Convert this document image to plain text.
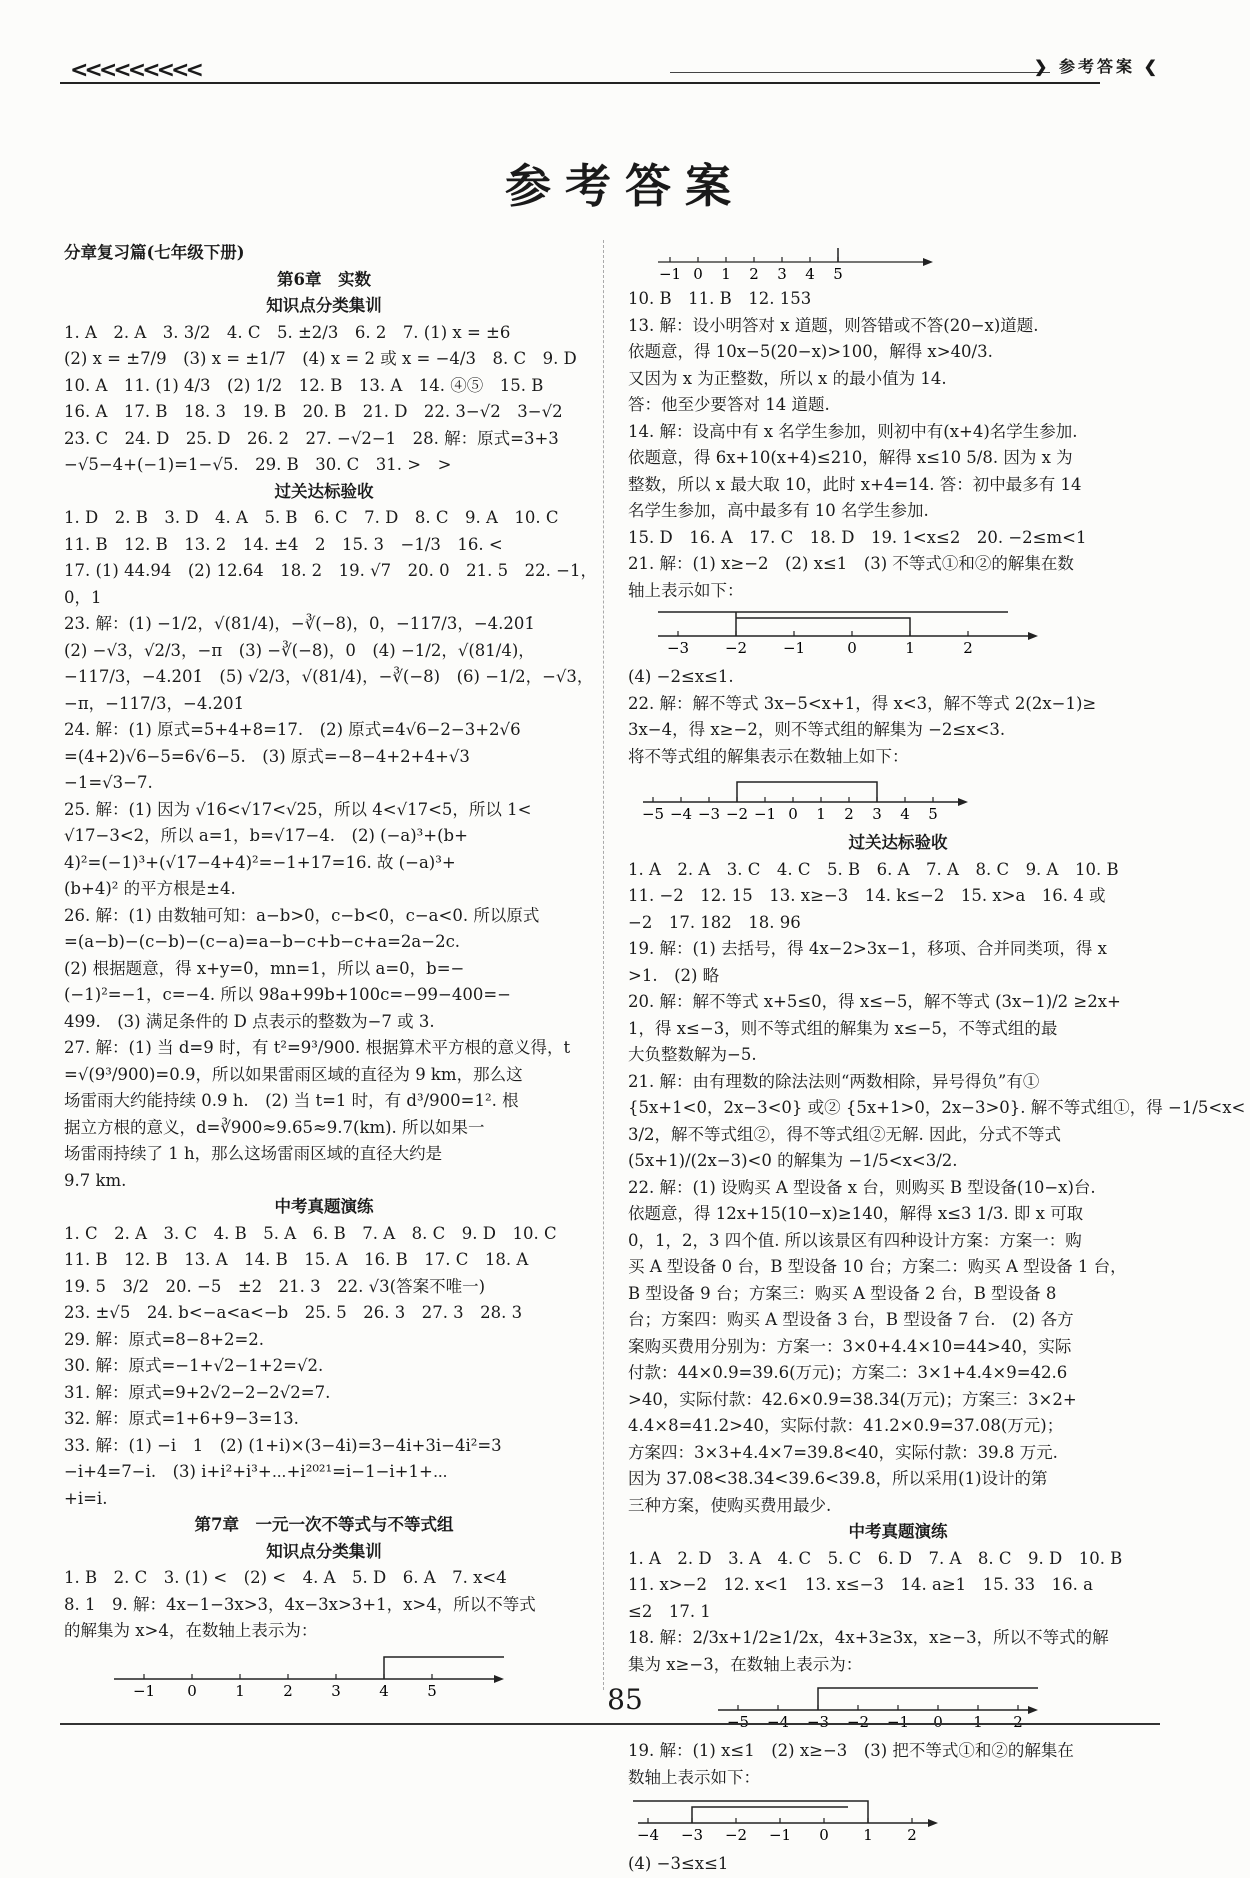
<<<<<<<<<	❯ 参考答案 ❮
参考答案
分章复习篇(七年级下册)
第6章　实数
知识点分类集训
1. A　2. A　3. 3/2　4. C　5. ±2/3　6. 2　7. (1) x = ±6
(2) x = ±7/9　(3) x = ±1/7　(4) x = 2 或 x = −4/3　8. C　9. D
10. A　11. (1) 4/3　(2) 1/2　12. B　13. A　14. ④⑤　15. B
16. A　17. B　18. 3　19. B　20. B　21. D　22. 3−√2　3−√2
23. C　24. D　25. D　26. 2　27. −√2−1　28. 解：原式=3+3
−√5−4+(−1)=1−√5.　29. B　30. C　31. >　>
过关达标验收
1. D　2. B　3. D　4. A　5. B　6. C　7. D　8. C　9. A　10. C
11. B　12. B　13. 2　14. ±4　2　15. 3　−1/3　16. <
17. (1) 44.94　(2) 12.64　18. 2　19. √7　20. 0　21. 5　22. −1，
0，1
23. 解：(1) −1/2，√(81/4)，−∛(−8)，0，−117/3，−4.2̇01̇
(2) −√3，√2/3，−π　(3) −∛(−8)，0　(4) −1/2，√(81/4)，
−117/3，−4.2̇01̇　(5) √2/3，√(81/4)，−∛(−8)　(6) −1/2，−√3，
−π，−117/3，−4.2̇01̇
24. 解：(1) 原式=5+4+8=17.　(2) 原式=4√6−2−3+2√6
=(4+2)√6−5=6√6−5.　(3) 原式=−8−4+2+4+√3
−1=√3−7.
25. 解：(1) 因为 √16<√17<√25，所以 4<√17<5，所以 1<
√17−3<2，所以 a=1，b=√17−4.　(2) (−a)³+(b+
4)²=(−1)³+(√17−4+4)²=−1+17=16. 故 (−a)³+
(b+4)² 的平方根是±4.
26. 解：(1) 由数轴可知：a−b>0，c−b<0，c−a<0. 所以原式
=(a−b)−(c−b)−(c−a)=a−b−c+b−c+a=2a−2c.
(2) 根据题意，得 x+y=0，mn=1，所以 a=0，b=−
(−1)²=−1，c=−4. 所以 98a+99b+100c=−99−400=−
499.　(3) 满足条件的 D 点表示的整数为−7 或 3.
27. 解：(1) 当 d=9 时，有 t²=9³/900. 根据算术平方根的意义得，t
=√(9³/900)=0.9，所以如果雷雨区域的直径为 9 km，那么这
场雷雨大约能持续 0.9 h.　(2) 当 t=1 时，有 d³/900=1². 根
据立方根的意义，d=∛900≈9.65≈9.7(km). 所以如果一
场雷雨持续了 1 h，那么这场雷雨区域的直径大约是
9.7 km.
中考真题演练
1. C　2. A　3. C　4. B　5. A　6. B　7. A　8. C　9. D　10. C
11. B　12. B　13. A　14. B　15. A　16. B　17. C　18. A
19. 5　3/2　20. −5　±2　21. 3　22. √3(答案不唯一)
23. ±√5　24. b<−a<a<−b　25. 5　26. 3　27. 3　28. 3
29. 解：原式=8−8+2=2.
30. 解：原式=−1+√2−1+2=√2.
31. 解：原式=9+2√2−2−2√2=7.
32. 解：原式=1+6+9−3=13.
33. 解：(1) −i　1　(2) (1+i)×(3−4i)=3−4i+3i−4i²=3
−i+4=7−i.　(3) i+i²+i³+⋯+i²⁰²¹=i−1−i+1+⋯
+i=i.
第7章　一元一次不等式与不等式组
知识点分类集训
1. B　2. C　3. (1) <　(2) <　4. A　5. D　6. A　7. x<4
8. 1　9. 解：4x−1−3x>3，4x−3x>3+1，x>4，所以不等式
的解集为 x>4，在数轴上表示为：
−1 0	1	2	3	4	5
−1 0 1 2 3 4 5
10. B　11. B　12. 153
13. 解：设小明答对 x 道题，则答错或不答(20−x)道题.
依题意，得 10x−5(20−x)>100，解得 x>40/3.
又因为 x 为正整数，所以 x 的最小值为 14.
答：他至少要答对 14 道题.
14. 解：设高中有 x 名学生参加，则初中有(x+4)名学生参加.
依题意，得 6x+10(x+4)≤210，解得 x≤10 5/8. 因为 x 为
整数，所以 x 最大取 10，此时 x+4=14. 答：初中最多有 14
名学生参加，高中最多有 10 名学生参加.
15. D　16. A　17. C　18. D　19. 1<x≤2　20. −2≤m<1
21. 解：(1) x≥−2　(2) x≤1　(3) 不等式①和②的解集在数
轴上表示如下：
−3 −2 −1	0	1	2
(4) −2≤x≤1.
22. 解：解不等式 3x−5<x+1，得 x<3，解不等式 2(2x−1)≥
3x−4，得 x≥−2，则不等式组的解集为 −2≤x<3.
将不等式组的解集表示在数轴上如下：
−5 −4 −3 −2 −1 0 1 2 3 4 5
过关达标验收
1. A　2. A　3. C　4. C　5. B　6. A　7. A　8. C　9. A　10. B
11. −2　12. 15　13. x≥−3　14. k≤−2　15. x>a　16. 4 或
−2　17. 182　18. 96
19. 解：(1) 去括号，得 4x−2>3x−1，移项、合并同类项，得 x
>1.　(2) 略
20. 解：解不等式 x+5≤0，得 x≤−5，解不等式 (3x−1)/2 ≥2x+
1，得 x≤−3，则不等式组的解集为 x≤−5，不等式组的最
大负整数解为−5.
21. 解：由有理数的除法法则“两数相除，异号得负”有①
{5x+1<0，2x−3<0} 或② {5x+1>0，2x−3>0}. 解不等式组①，得 −1/5<x<
3/2，解不等式组②，得不等式组②无解. 因此，分式不等式
(5x+1)/(2x−3)<0 的解集为 −1/5<x<3/2.
22. 解：(1) 设购买 A 型设备 x 台，则购买 B 型设备(10−x)台.
依题意，得 12x+15(10−x)≥140，解得 x≤3 1/3. 即 x 可取
0，1，2，3 四个值. 所以该景区有四种设计方案：方案一：购
买 A 型设备 0 台，B 型设备 10 台；方案二：购买 A 型设备 1 台，
B 型设备 9 台；方案三：购买 A 型设备 2 台，B 型设备 8
台；方案四：购买 A 型设备 3 台，B 型设备 7 台.　(2) 各方
案购买费用分别为：方案一：3×0+4.4×10=44>40，实际
付款：44×0.9=39.6(万元)；方案二：3×1+4.4×9=42.6
>40，实际付款：42.6×0.9=38.34(万元)；方案三：3×2+
4.4×8=41.2>40，实际付款：41.2×0.9=37.08(万元)；
方案四：3×3+4.4×7=39.8<40，实际付款：39.8 万元.
因为 37.08<38.34<39.6<39.8，所以采用(1)设计的第
三种方案，使购买费用最少.
中考真题演练
1. A　2. D　3. A　4. C　5. C　6. D　7. A　8. C　9. D　10. B
11. x>−2　12. x<1　13. x≤−3　14. a≥1　15. 33　16. a
≤2　17. 1
18. 解：2/3x+1/2≥1/2x，4x+3≥3x，x≥−3，所以不等式的解
集为 x≥−3，在数轴上表示为：
−5 −4 −3 −2 −1 0 1 2
19. 解：(1) x≤1　(2) x≥−3　(3) 把不等式①和②的解集在
数轴上表示如下：
−4 −3 −2 −1 0 1 2
(4) −3≤x≤1
85
